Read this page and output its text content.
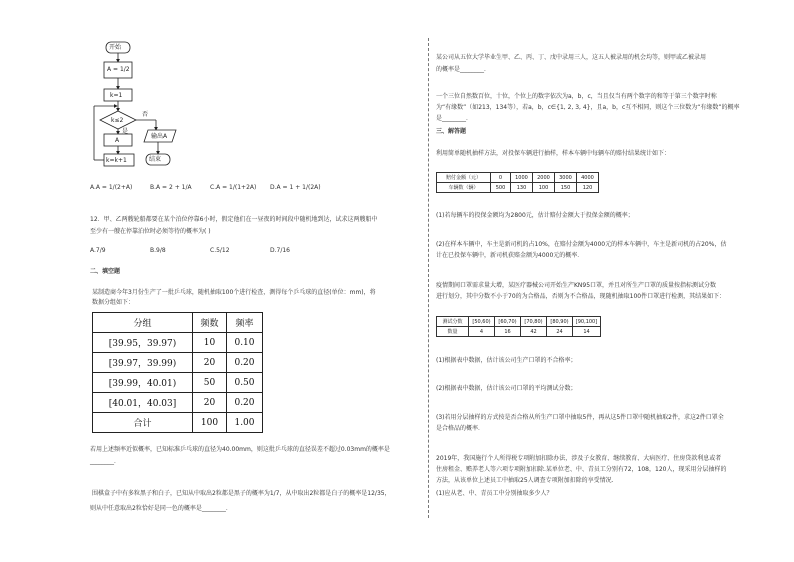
开始
A = 1/2
k=1
k≤2
否
是
输出A
结束
A
k=k+1
A.A = 1/(2+A)	B.A = 2 + 1/A	C.A = 1/(1+2A) D.A = 1 + 1/(2A)
12．甲、乙两艘轮船都要在某个泊位停靠6小时，假定他们在一昼夜的时间段中随机地到达，试求这两艘船中
至少有一艘在停靠泊位时必须等待的概率为( )
A.7/9	B.9/8	C.5/12	D.7/16
二、填空题
某制造商今年3月份生产了一批乒乓球，随机抽取100个进行检查，测得每个乒乓球的直径(单位：mm)，将
数据分组如下：
分组	频数	频率
[39.95，39.97)	10	0.10
[39.97，39.99)	20	0.20
[39.99，40.01)	50	0.50
[40.01，40.03]	20	0.20
合计	100	1.00
若用上述频率近似概率，已知标准乒乓球的直径为40.00mm，则这批乒乓球的直径误差不超过0.03mm的概率是
________．
围棋盒子中有多粒黑子和白子，已知从中取出2粒都是黑子的概率为1/7，从中取出2粒都是白子的概率是12/35，
则从中任意取出2粒恰好是同一色的概率是________．
某公司从五位大学毕业生甲、乙、丙、丁、戊中录用三人，这五人被录用的机会均等，则甲或乙被录用
的概率是________．
一个三位自然数百位，十位，个位上的数字依次为a，b，c，当且仅当有两个数字的和等于第三个数字时称
为“有缘数”（如213，134等），若a，b，c∈{1, 2, 3, 4}，且a，b，c互不相同，则这个三位数为“有缘数”的概率
是________．
三、解答题
利用简单随机抽样方法，对投保车辆进行抽样，样本车辆中每辆车的赔付结果统计如下：
赔付金额（元）	0	1000	2000	3000	4000
车辆数（辆）	500	130	100	150	120
(1)若每辆车的投保金额均为2800元，估计赔付金额大于投保金额的概率；
(2)在样本车辆中，车主是新司机的占10%，在赔付金额为4000元的样本车辆中，车主是新司机的占20%，估
计在已投保车辆中，新司机获赔金额为4000元的概率．
疫情期间口罩需求量大增，某医疗器械公司开始生产KN95口罩，并且对所生产口罩的质量按指标测试分数
进行划分，其中分数不小于70的为合格品，否则为不合格品，现随机抽取100件口罩进行检测，其结果如下：
测试分数	[50,60)	[60,70)	[70,80)	[80,90)	[90,100]
数量	4	16	42	24	14
(1)根据表中数据，估计该公司生产口罩的不合格率；
(2)根据表中数据，估计该公司口罩的平均测试分数；
(3)若用分层抽样的方式按是否合格从所生产口罩中抽取5件，再从这5件口罩中随机抽取2件，求这2件口罩全
是合格品的概率．
2019年，我国施行个人所得税专项附加扣除办法，涉及子女教育、继续教育、大病医疗、住房贷款利息或者
住房租金、赡养老人等六项专项附加扣除.某单位老、中、青员工分别有72，108，120人，现采用分层抽样的
方法，从该单位上述员工中抽取25人调查专项附加扣除的享受情况.
(1)应从老、中、青员工中分别抽取多少人？
